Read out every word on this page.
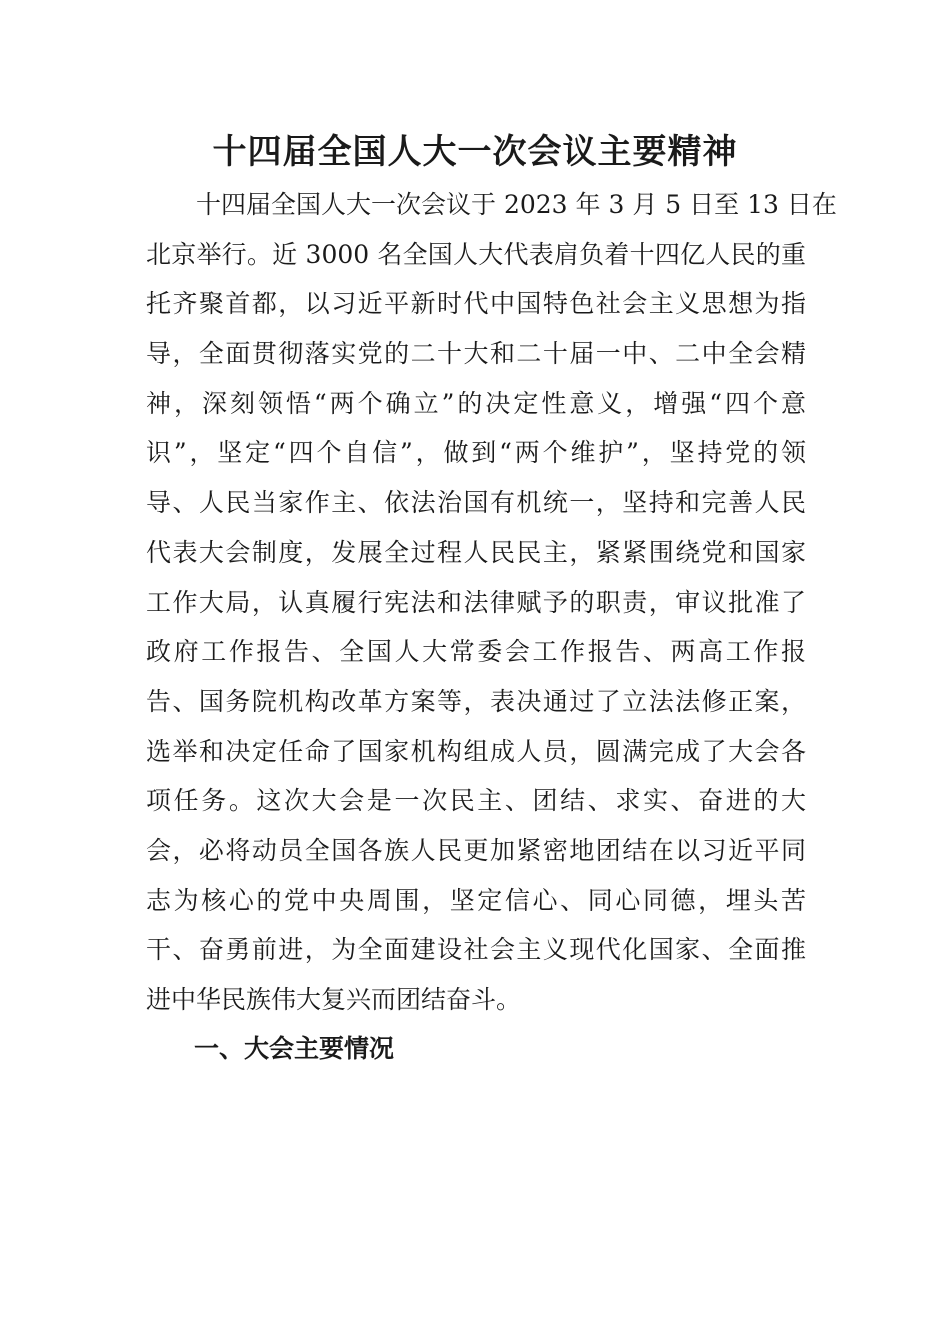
十四届全国人大一次会议主要精神
十四届全国人大一次会议于 2023 年 3 月 5 日至 13 日在
北京举行。近 3000 名全国人大代表肩负着十四亿人民的重
托齐聚首都，以习近平新时代中国特色社会主义思想为指
导，全面贯彻落实党的二十大和二十届一中、二中全会精
神，深刻领悟“两个确立”的决定性意义，增强“四个意
识”，坚定“四个自信”，做到“两个维护”，坚持党的领
导、人民当家作主、依法治国有机统一，坚持和完善人民
代表大会制度，发展全过程人民民主，紧紧围绕党和国家
工作大局，认真履行宪法和法律赋予的职责，审议批准了
政府工作报告、全国人大常委会工作报告、两高工作报
告、国务院机构改革方案等，表决通过了立法法修正案，
选举和决定任命了国家机构组成人员，圆满完成了大会各
项任务。这次大会是一次民主、团结、求实、奋进的大
会，必将动员全国各族人民更加紧密地团结在以习近平同
志为核心的党中央周围，坚定信心、同心同德，埋头苦
干、奋勇前进，为全面建设社会主义现代化国家、全面推
进中华民族伟大复兴而团结奋斗。
一、大会主要情况
